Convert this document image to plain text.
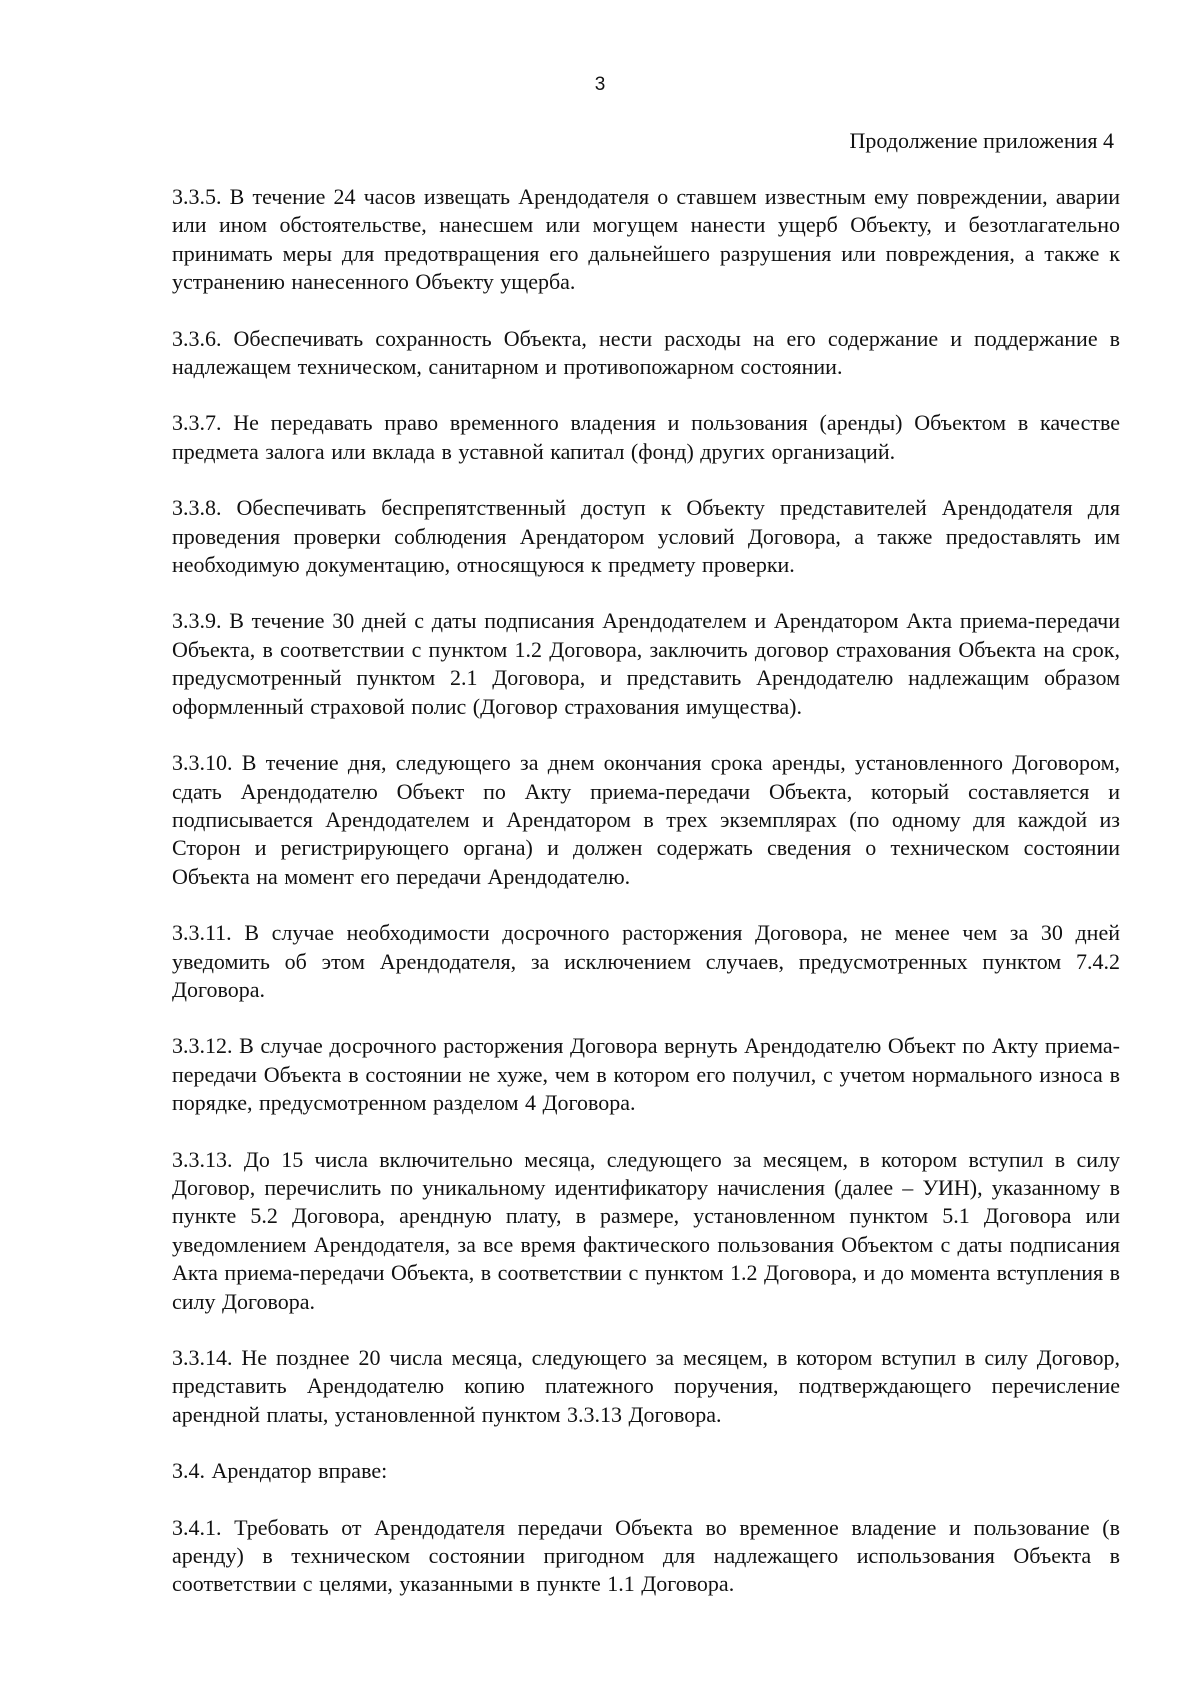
3
Продолжение приложения 4

3.3.5. В течение 24 часов извещать Арендодателя о ставшем известным ему повреждении, аварии или ином обстоятельстве, нанесшем или могущем нанести ущерб Объекту, и безотлагательно принимать меры для предотвращения его дальнейшего разрушения или повреждения, а также к устранению нанесенного Объекту ущерба.

3.3.6. Обеспечивать сохранность Объекта, нести расходы на его содержание и поддержание в надлежащем техническом, санитарном и противопожарном состоянии.

3.3.7. Не передавать право временного владения и пользования (аренды) Объектом в качестве предмета залога или вклада в уставной капитал (фонд) других организаций.

3.3.8. Обеспечивать беспрепятственный доступ к Объекту представителей Арендодателя для проведения проверки соблюдения Арендатором условий Договора, а также предоставлять им необходимую документацию, относящуюся к предмету проверки.

3.3.9. В течение 30 дней с даты подписания Арендодателем и Арендатором Акта приема-передачи Объекта, в соответствии с пунктом 1.2 Договора, заключить договор страхования Объекта на срок, предусмотренный пунктом 2.1 Договора, и представить Арендодателю надлежащим образом оформленный страховой полис (Договор страхования имущества).

3.3.10. В течение дня, следующего за днем окончания срока аренды, установленного Договором, сдать Арендодателю Объект по Акту приема-передачи Объекта, который составляется и подписывается Арендодателем и Арендатором в трех экземплярах (по одному для каждой из Сторон и регистрирующего органа) и должен содержать сведения о техническом состоянии Объекта на момент его передачи Арендодателю.

3.3.11. В случае необходимости досрочного расторжения Договора, не менее чем за 30 дней уведомить об этом Арендодателя, за исключением случаев, предусмотренных пунктом 7.4.2 Договора.

3.3.12. В случае досрочного расторжения Договора вернуть Арендодателю Объект по Акту приема-передачи Объекта в состоянии не хуже, чем в котором его получил, с учетом нормального износа в порядке, предусмотренном разделом 4 Договора.

3.3.13. До 15 числа включительно месяца, следующего за месяцем, в котором вступил в силу Договор, перечислить по уникальному идентификатору начисления (далее – УИН), указанному в пункте 5.2 Договора, арендную плату, в размере, установленном пунктом 5.1 Договора или уведомлением Арендодателя, за все время фактического пользования Объектом с даты подписания Акта приема-передачи Объекта, в соответствии с пунктом 1.2 Договора, и до момента вступления в силу Договора.

3.3.14. Не позднее 20 числа месяца, следующего за месяцем, в котором вступил в силу Договор, представить Арендодателю копию платежного поручения, подтверждающего перечисление арендной платы, установленной пунктом 3.3.13 Договора.

3.4. Арендатор вправе:

3.4.1. Требовать от Арендодателя передачи Объекта во временное владение и пользование (в аренду) в техническом состоянии пригодном для надлежащего использования Объекта в соответствии с целями, указанными в пункте 1.1 Договора.
